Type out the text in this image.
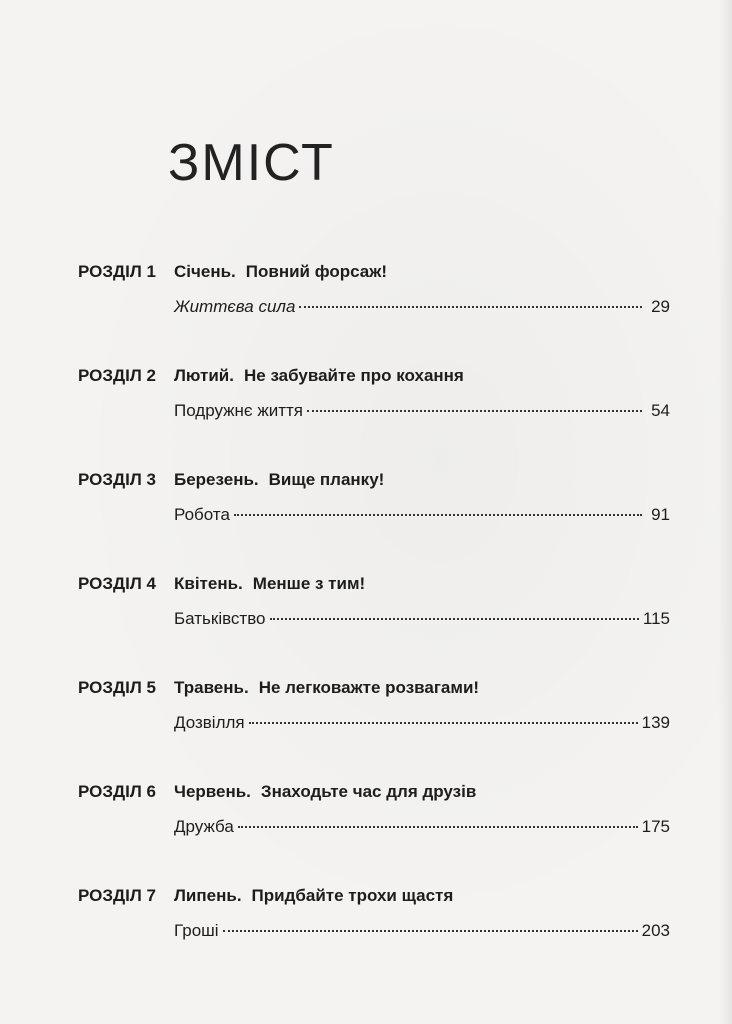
ЗМІСТ
РОЗДІЛ 1 Січень. Повний форсаж!
Життєва сила	29
РОЗДІЛ 2 Лютий. Не забувайте про кохання
Подружнє життя	54
РОЗДІЛ 3 Березень. Вище планку!
Робота	91
РОЗДІЛ 4 Квітень. Менше з тим!
Батьківство	115
РОЗДІЛ 5 Травень. Не легковажте розвагами!
Дозвілля	139
РОЗДІЛ 6 Червень. Знаходьте час для друзів
Дружба	175
РОЗДІЛ 7 Липень. Придбайте трохи щастя
Гроші	203
